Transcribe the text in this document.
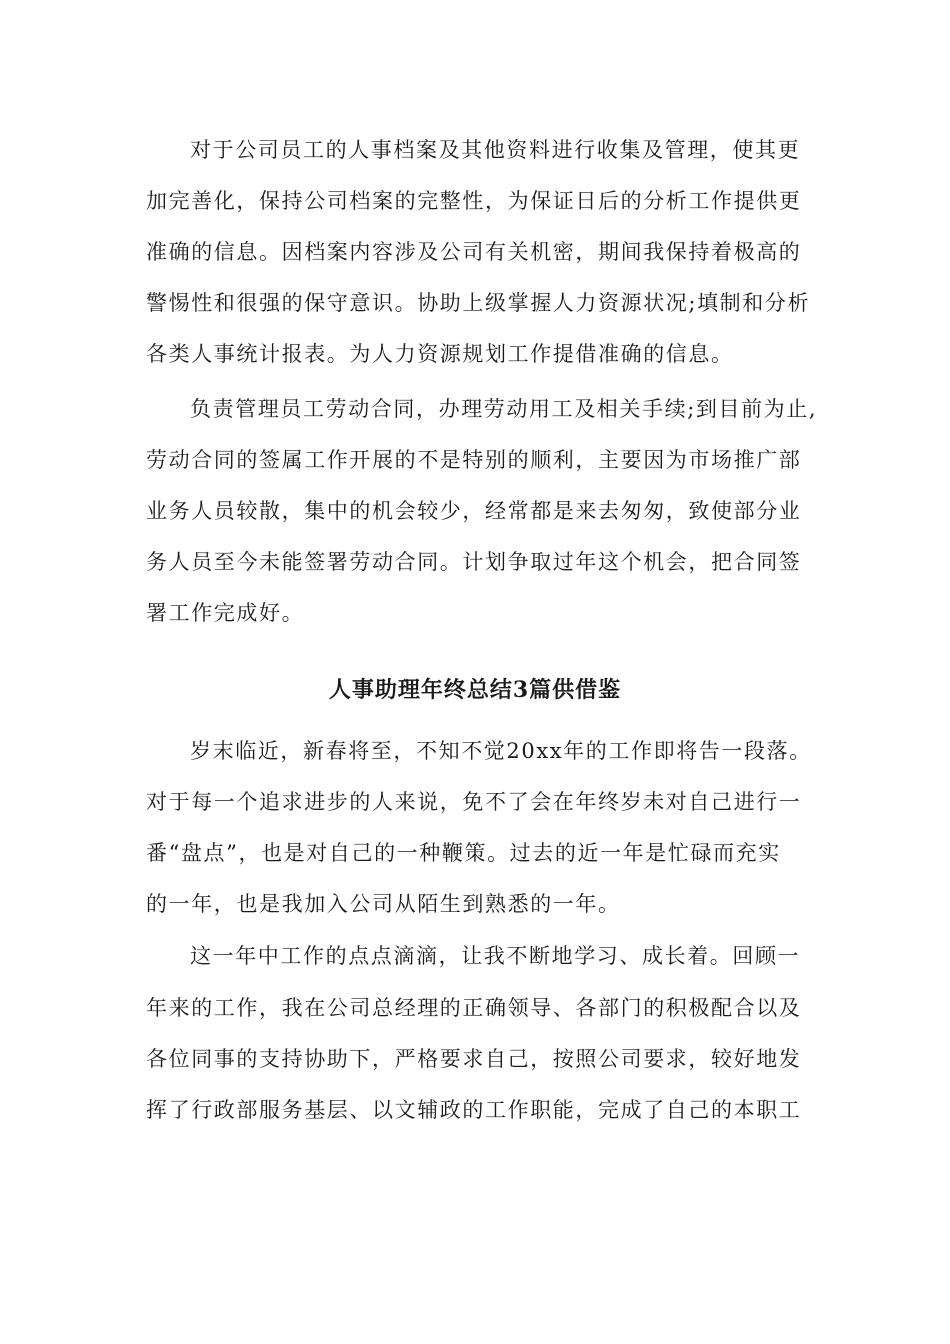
对于公司员工的人事档案及其他资料进行收集及管理，使其更
加完善化，保持公司档案的完整性，为保证日后的分析工作提供更
准确的信息。因档案内容涉及公司有关机密，期间我保持着极高的
警惕性和很强的保守意识。协助上级掌握人力资源状况;填制和分析
各类人事统计报表。为人力资源规划工作提借准确的信息。
负责管理员工劳动合同，办理劳动用工及相关手续;到目前为止,
劳动合同的签属工作开展的不是特别的顺利，主要因为市场推广部
业务人员较散，集中的机会较少，经常都是来去匆匆，致使部分业
务人员至今未能签署劳动合同。计划争取过年这个机会，把合同签
署工作完成好。
人事助理年终总结3篇供借鉴
岁末临近，新春将至，不知不觉20xx年的工作即将告一段落。
对于每一个追求进步的人来说，免不了会在年终岁未对自己进行一
番“盘点”，也是对自己的一种鞭策。过去的近一年是忙碌而充实
的一年，也是我加入公司从陌生到熟悉的一年。
这一年中工作的点点滴滴，让我不断地学习、成长着。回顾一
年来的工作，我在公司总经理的正确领导、各部门的积极配合以及
各位同事的支持协助下，严格要求自己，按照公司要求，较好地发
挥了行政部服务基层、以文辅政的工作职能，完成了自己的本职工
